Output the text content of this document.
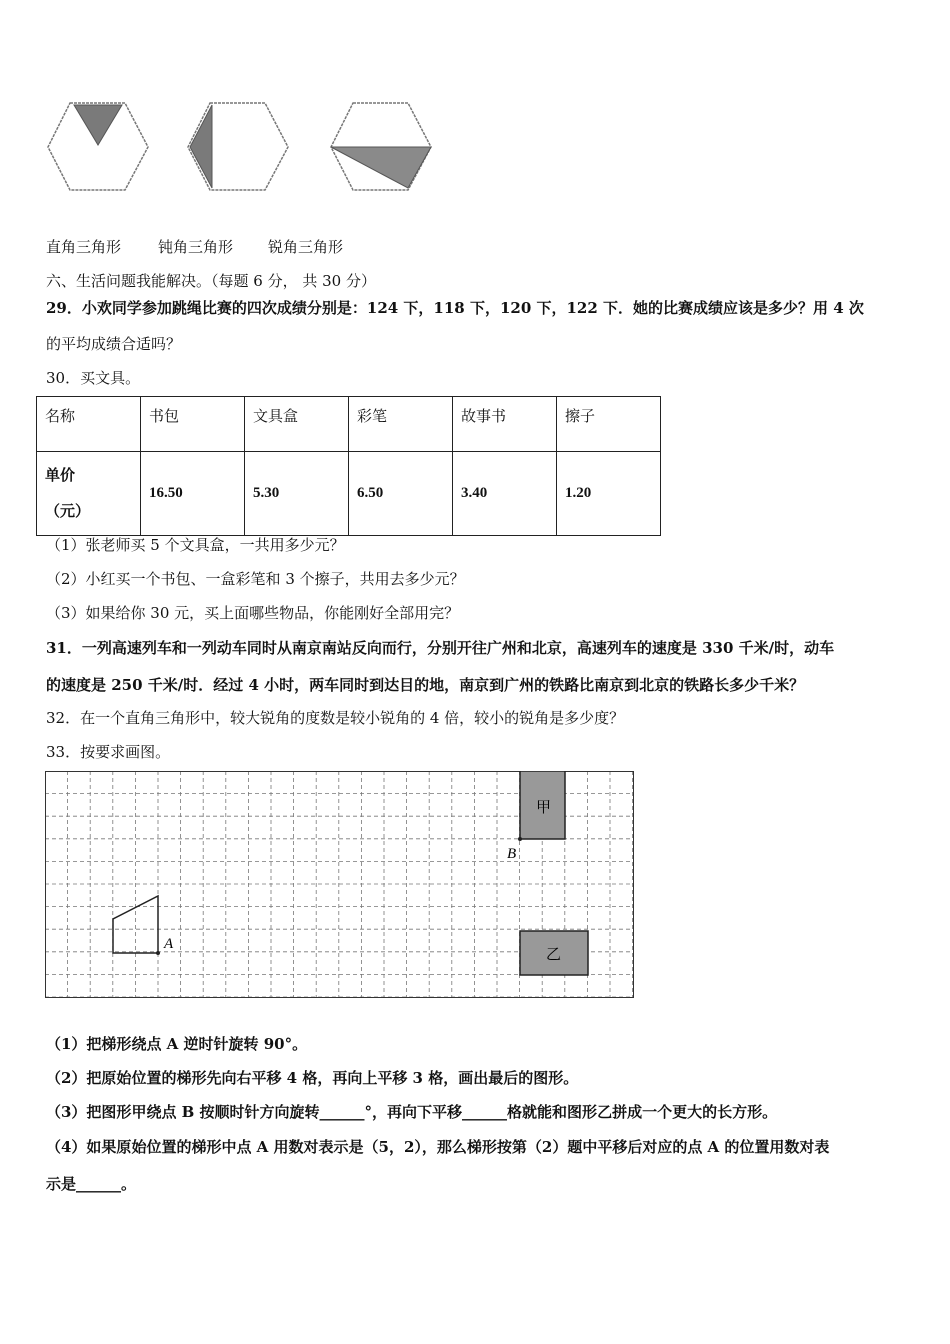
直角三角形 钝角三角形 锐角三角形
六、生活问题我能解决。（每题 6 分， 共 30 分）
29．小欢同学参加跳绳比赛的四次成绩分别是：124 下，118 下，120 下，122 下．她的比赛成绩应该是多少？用 4 次
的平均成绩合适吗？
30．买文具。
名称	书包	文具盒	彩笔	故事书	擦子

单价
（元）	16.50	5.30	6.50	3.40	1.20
（1）张老师买 5 个文具盒，一共用多少元？
（2）小红买一个书包、一盒彩笔和 3 个擦子，共用去多少元？
（3）如果给你 30 元，买上面哪些物品，你能刚好全部用完？
31．一列高速列车和一列动车同时从南京南站反向而行，分别开往广州和北京，高速列车的速度是 330 千米/时，动车
的速度是 250 千米/时．经过 4 小时，两车同时到达目的地，南京到广州的铁路比南京到北京的铁路长多少千米？
32．在一个直角三角形中，较大锐角的度数是较小锐角的 4 倍，较小的锐角是多少度？
33．按要求画图。
A
甲
B
乙
（1）把梯形绕点 A 逆时针旋转 90°。
（2）把原始位置的梯形先向右平移 4 格，再向上平移 3 格，画出最后的图形。
（3）把图形甲绕点 B 按顺时针方向旋转______°，再向下平移______格就能和图形乙拼成一个更大的长方形。
（4）如果原始位置的梯形中点 A 用数对表示是（5，2），那么梯形按第（2）题中平移后对应的点 A 的位置用数对表
示是______。
